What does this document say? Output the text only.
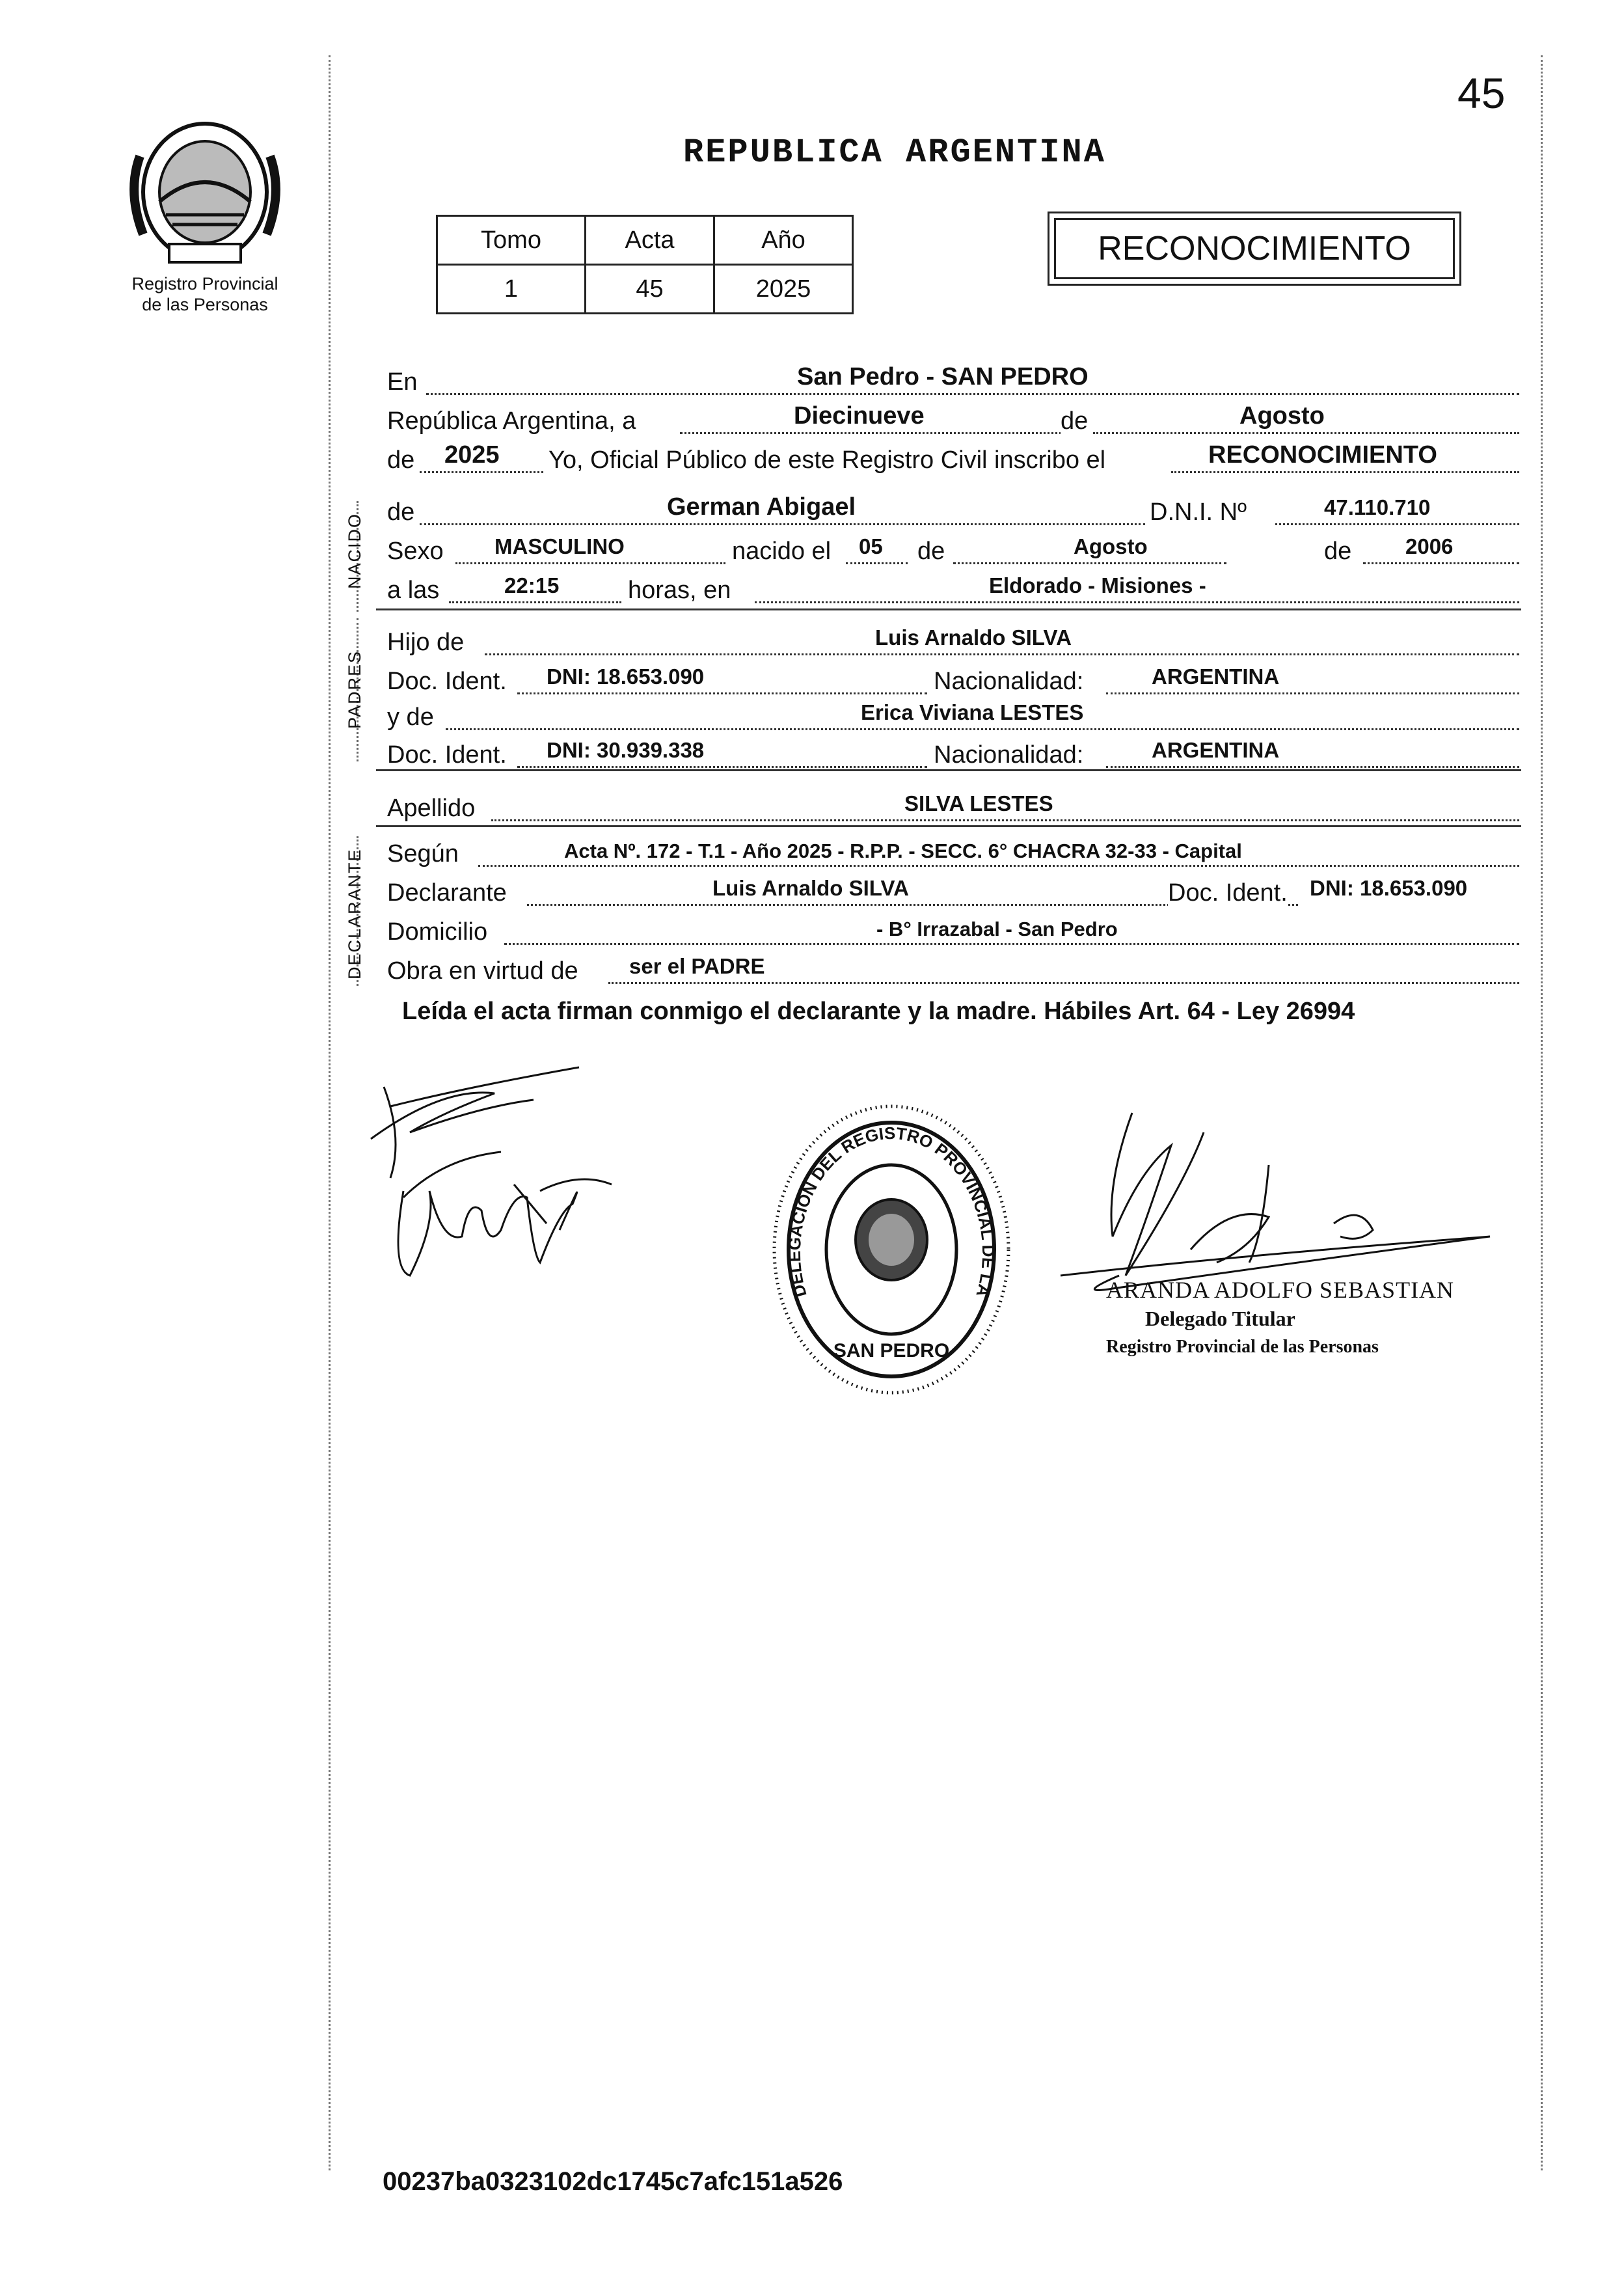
Registro Provincial
de las Personas
45
REPUBLICA ARGENTINA
Tomo	Acta	Año
1	45	2025
RECONOCIMIENTO
En	San Pedro - SAN PEDRO
República Argentina, a	Diecinueve	de	Agosto
de 2025 Yo, Oficial Público de este Registro Civil inscribo el	RECONOCIMIENTO
NACIDO
de	German Abigael	D.N.I. Nº	47.110.710
Sexo MASCULINO	nacido el 05 de	Agosto	de	2006
a las	22:15	horas, en	Eldorado - Misiones -
PADRES
Hijo de	Luis Arnaldo SILVA
Doc. Ident. DNI: 18.653.090	Nacionalidad:	ARGENTINA
y de	Erica Viviana LESTES
Doc. Ident. DNI: 30.939.338	Nacionalidad:	ARGENTINA
Apellido	SILVA LESTES
DECLARANTE Según	Acta Nº. 172 - T.1 - Año 2025 - R.P.P. - SECC. 6° CHACRA 32-33 - Capital
Declarante	Luis Arnaldo SILVA	Doc. Ident. DNI: 18.653.090
Domicilio	- B° Irrazabal - San Pedro
Obra en virtud de ser el PADRE
Leída el acta firman conmigo el declarante y la madre. Hábiles Art. 64 - Ley 26994
DELEGACION DEL REGISTRO PROVINCIAL DE LAS PERSONAS
SAN PEDRO
ARANDA ADOLFO SEBASTIAN
Delegado Titular
Registro Provincial de las Personas
00237ba0323102dc1745c7afc151a526
